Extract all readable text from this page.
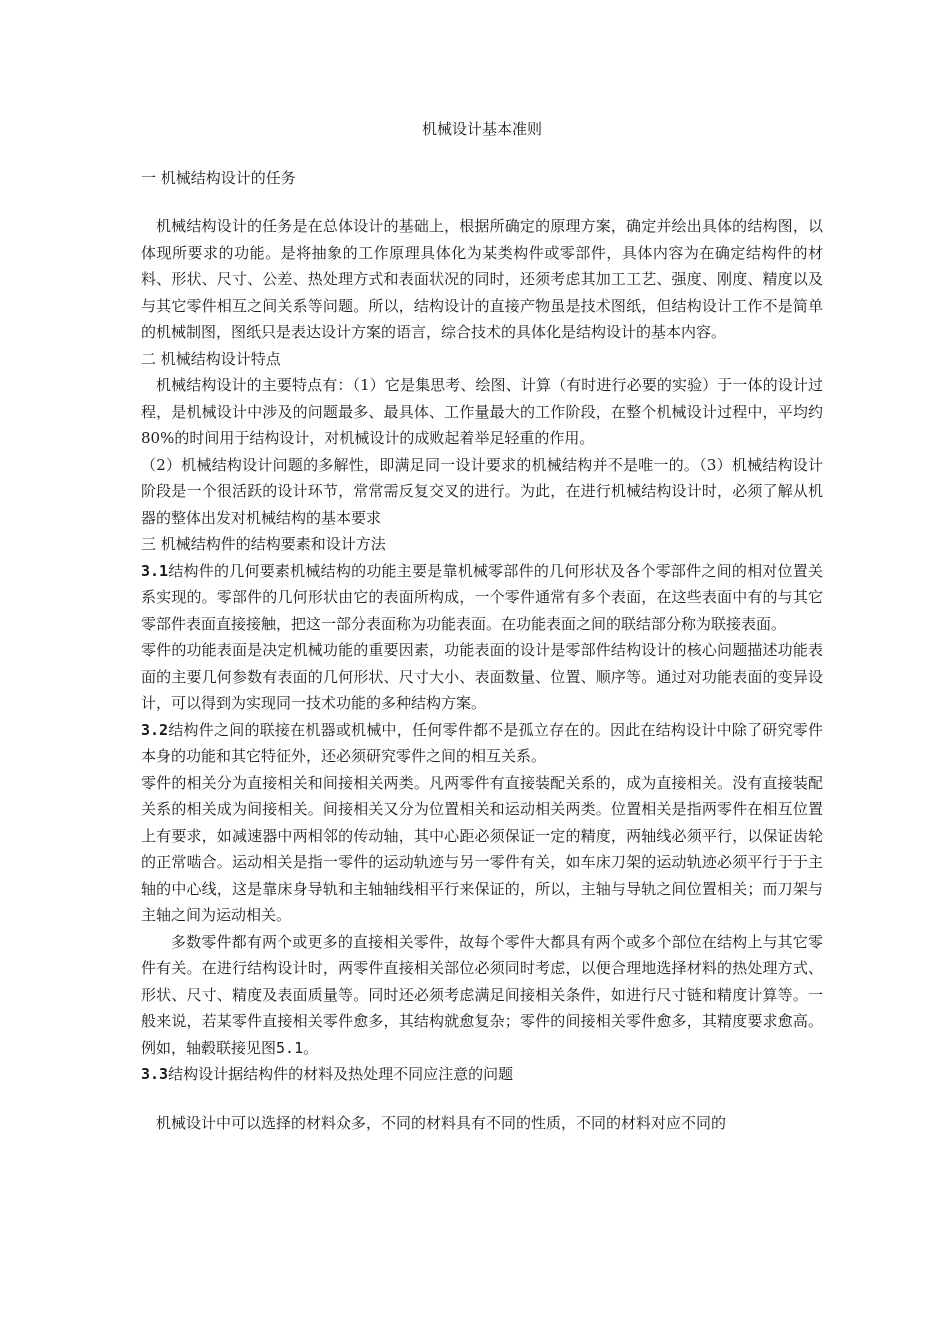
机械设计基本准则

一 机械结构设计的任务

机械结构设计的任务是在总体设计的基础上，根据所确定的原理方案，确定并绘出具体的结构图，以体现所要求的功能。是将抽象的工作原理具体化为某类构件或零部件，具体内容为在确定结构件的材料、形状、尺寸、公差、热处理方式和表面状况的同时，还须考虑其加工工艺、强度、刚度、精度以及与其它零件相互之间关系等问题。所以，结构设计的直接产物虽是技术图纸，但结构设计工作不是简单的机械制图，图纸只是表达设计方案的语言，综合技术的具体化是结构设计的基本内容。

二 机械结构设计特点

机械结构设计的主要特点有：（1）它是集思考、绘图、计算（有时进行必要的实验）于一体的设计过程，是机械设计中涉及的问题最多、最具体、工作量最大的工作阶段，在整个机械设计过程中，平均约80%的时间用于结构设计，对机械设计的成败起着举足轻重的作用。

（2）机械结构设计问题的多解性，即满足同一设计要求的机械结构并不是唯一的。（3）机械结构设计阶段是一个很活跃的设计环节，常常需反复交叉的进行。为此，在进行机械结构设计时，必须了解从机器的整体出发对机械结构的基本要求

三 机械结构件的结构要素和设计方法

3.1结构件的几何要素机械结构的功能主要是靠机械零部件的几何形状及各个零部件之间的相对位置关系实现的。零部件的几何形状由它的表面所构成，一个零件通常有多个表面，在这些表面中有的与其它零部件表面直接接触，把这一部分表面称为功能表面。在功能表面之间的联结部分称为联接表面。

零件的功能表面是决定机械功能的重要因素，功能表面的设计是零部件结构设计的核心问题描述功能表面的主要几何参数有表面的几何形状、尺寸大小、表面数量、位置、顺序等。通过对功能表面的变异设计，可以得到为实现同一技术功能的多种结构方案。

3.2结构件之间的联接在机器或机械中，任何零件都不是孤立存在的。因此在结构设计中除了研究零件本身的功能和其它特征外，还必须研究零件之间的相互关系。

零件的相关分为直接相关和间接相关两类。凡两零件有直接装配关系的，成为直接相关。没有直接装配关系的相关成为间接相关。间接相关又分为位置相关和运动相关两类。位置相关是指两零件在相互位置上有要求，如减速器中两相邻的传动轴，其中心距必须保证一定的精度，两轴线必须平行，以保证齿轮的正常啮合。运动相关是指一零件的运动轨迹与另一零件有关，如车床刀架的运动轨迹必须平行于于主轴的中心线，这是靠床身导轨和主轴轴线相平行来保证的，所以，主轴与导轨之间位置相关；而刀架与主轴之间为运动相关。

多数零件都有两个或更多的直接相关零件，故每个零件大都具有两个或多个部位在结构上与其它零件有关。在进行结构设计时，两零件直接相关部位必须同时考虑，以便合理地选择材料的热处理方式、形状、尺寸、精度及表面质量等。同时还必须考虑满足间接相关条件，如进行尺寸链和精度计算等。一般来说，若某零件直接相关零件愈多，其结构就愈复杂；零件的间接相关零件愈多，其精度要求愈高。例如，轴毂联接见图5.1。

3.3结构设计据结构件的材料及热处理不同应注意的问题

机械设计中可以选择的材料众多，不同的材料具有不同的性质，不同的材料对应不同的
